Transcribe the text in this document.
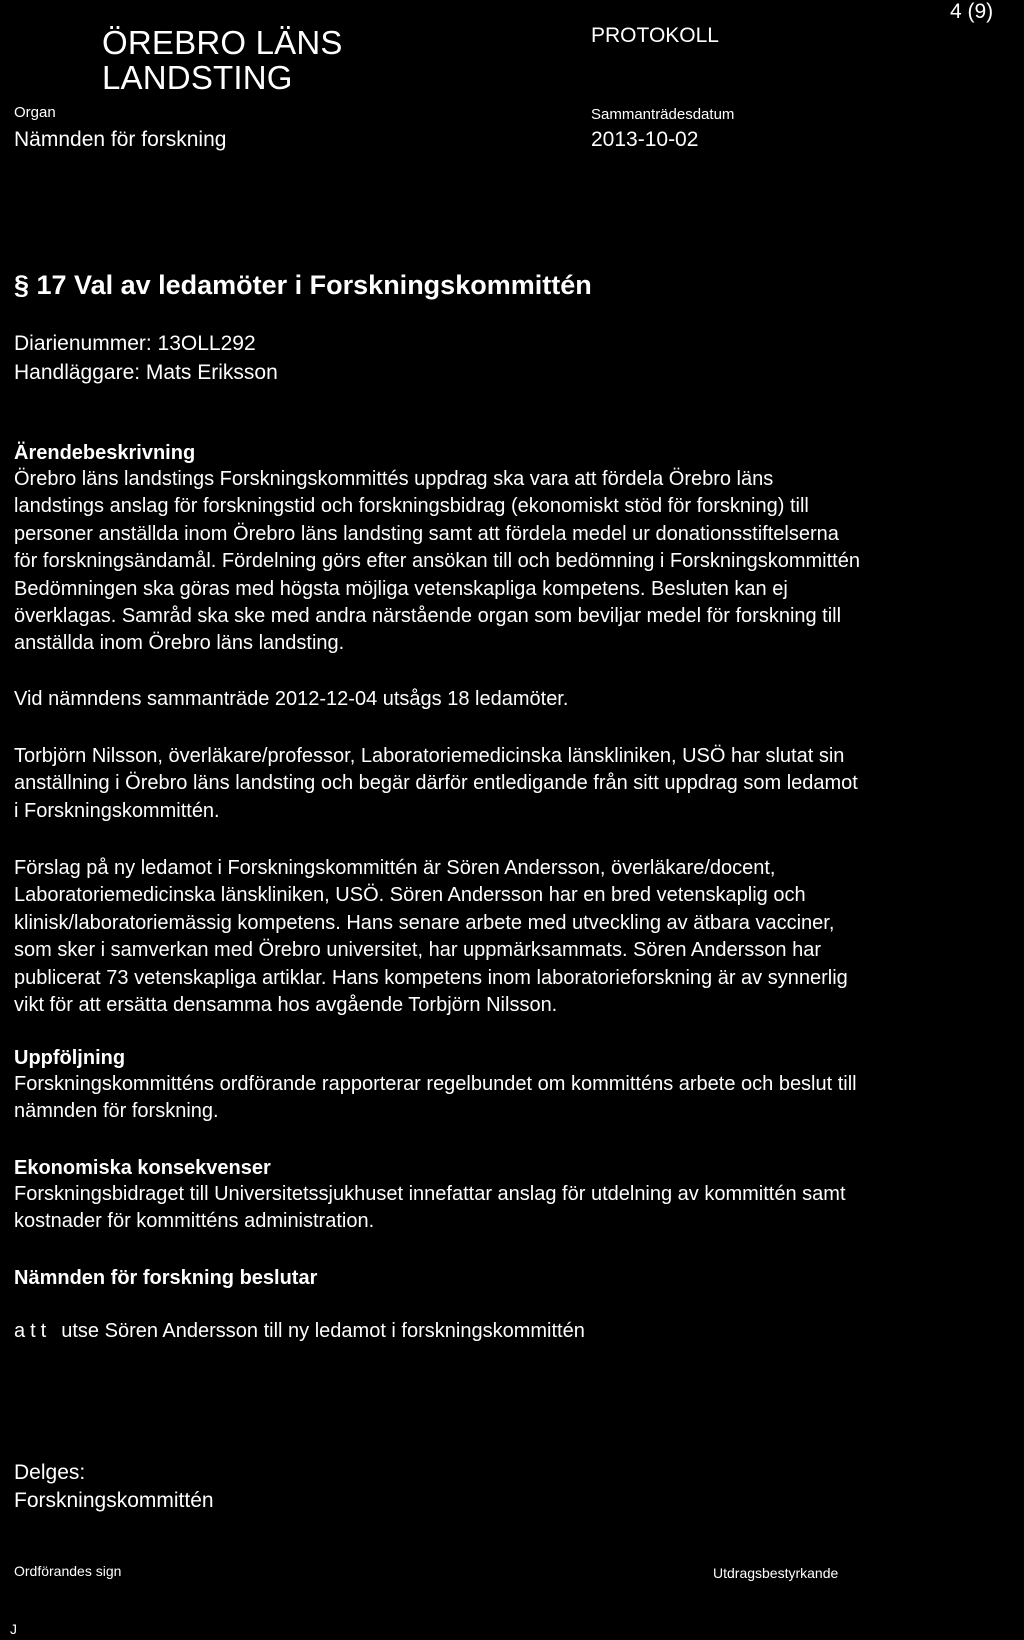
ÖREBRO LÄNS
LANDSTING
PROTOKOLL
4 (9)
Organ
Nämnden för forskning
Sammanträdesdatum
2013-10-02
§ 17 Val av ledamöter i Forskningskommittén
Diarienummer: 13OLL292
Handläggare: Mats Eriksson
Ärendebeskrivning
Örebro läns landstings Forskningskommittés uppdrag ska vara att fördela Örebro läns
landstings anslag för forskningstid och forskningsbidrag (ekonomiskt stöd för forskning) till
personer anställda inom Örebro läns landsting samt att fördela medel ur donationsstiftelserna
för forskningsändamål. Fördelning görs efter ansökan till och bedömning i Forskningskommittén
Bedömningen ska göras med högsta möjliga vetenskapliga kompetens. Besluten kan ej
överklagas. Samråd ska ske med andra närstående organ som beviljar medel för forskning till
anställda inom Örebro läns landsting.
Vid nämndens sammanträde 2012-12-04 utsågs 18 ledamöter.
Torbjörn Nilsson, överläkare/professor, Laboratoriemedicinska länskliniken, USÖ har slutat sin
anställning i Örebro läns landsting och begär därför entledigande från sitt uppdrag som ledamot
i Forskningskommittén.
Förslag på ny ledamot i Forskningskommittén är Sören Andersson, överläkare/docent,
Laboratoriemedicinska länskliniken, USÖ. Sören Andersson har en bred vetenskaplig och
klinisk/laboratoriemässig kompetens. Hans senare arbete med utveckling av ätbara vacciner,
som sker i samverkan med Örebro universitet, har uppmärksammats. Sören Andersson har
publicerat 73 vetenskapliga artiklar. Hans kompetens inom laboratorieforskning är av synnerlig
vikt för att ersätta densamma hos avgående Torbjörn Nilsson.
Uppföljning
Forskningskommitténs ordförande rapporterar regelbundet om kommitténs arbete och beslut till
nämnden för forskning.
Ekonomiska konsekvenser
Forskningsbidraget till Universitetssjukhuset innefattar anslag för utdelning av kommittén samt
kostnader för kommitténs administration.
Nämnden för forskning beslutar
att utse Sören Andersson till ny ledamot i forskningskommittén
Delges:
Forskningskommittén
Ordförandes sign	Utdragsbestyrkande
J
